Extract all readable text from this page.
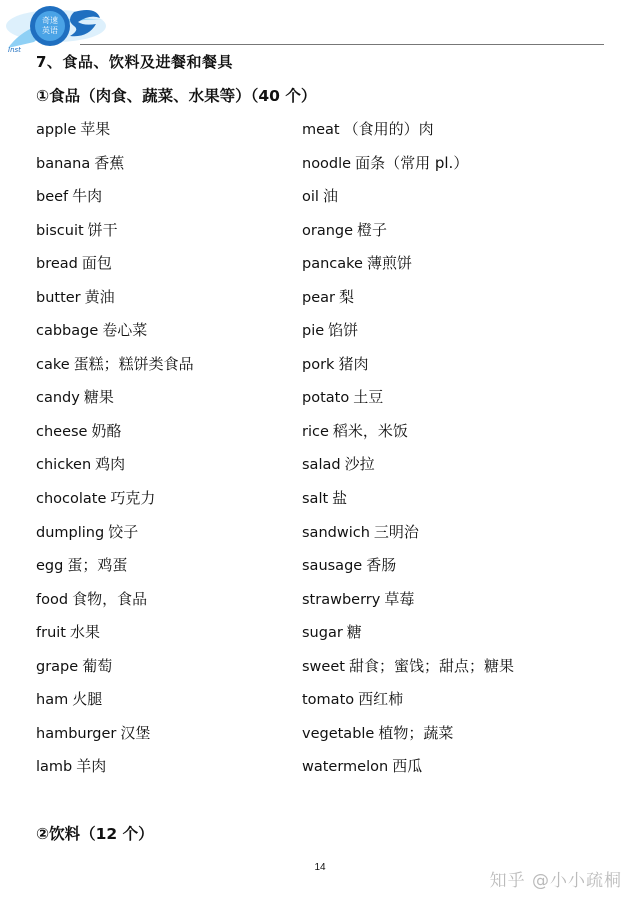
奇速
英语
Inst
7、食品、饮料及进餐和餐具
①食品（肉食、蔬菜、水果等）（40 个）
apple 苹果
banana 香蕉
beef 牛肉
biscuit 饼干
bread 面包
butter 黄油
cabbage 卷心菜
cake 蛋糕；糕饼类食品
candy 糖果
cheese 奶酪
chicken 鸡肉
chocolate 巧克力
dumpling 饺子
egg 蛋；鸡蛋
food 食物，食品
fruit 水果
grape 葡萄
ham 火腿
hamburger 汉堡
lamb 羊肉
meat （食用的）肉
noodle 面条（常用 pl.）
oil 油
orange 橙子
pancake 薄煎饼
pear 梨
pie 馅饼
pork 猪肉
potato 土豆
rice 稻米，米饭
salad 沙拉
salt 盐
sandwich 三明治
sausage 香肠
strawberry 草莓
sugar 糖
sweet 甜食；蜜饯；甜点；糖果
tomato 西红柿
vegetable 植物；蔬菜
watermelon 西瓜
②饮料（12 个）
14
知乎 @小小疏桐
